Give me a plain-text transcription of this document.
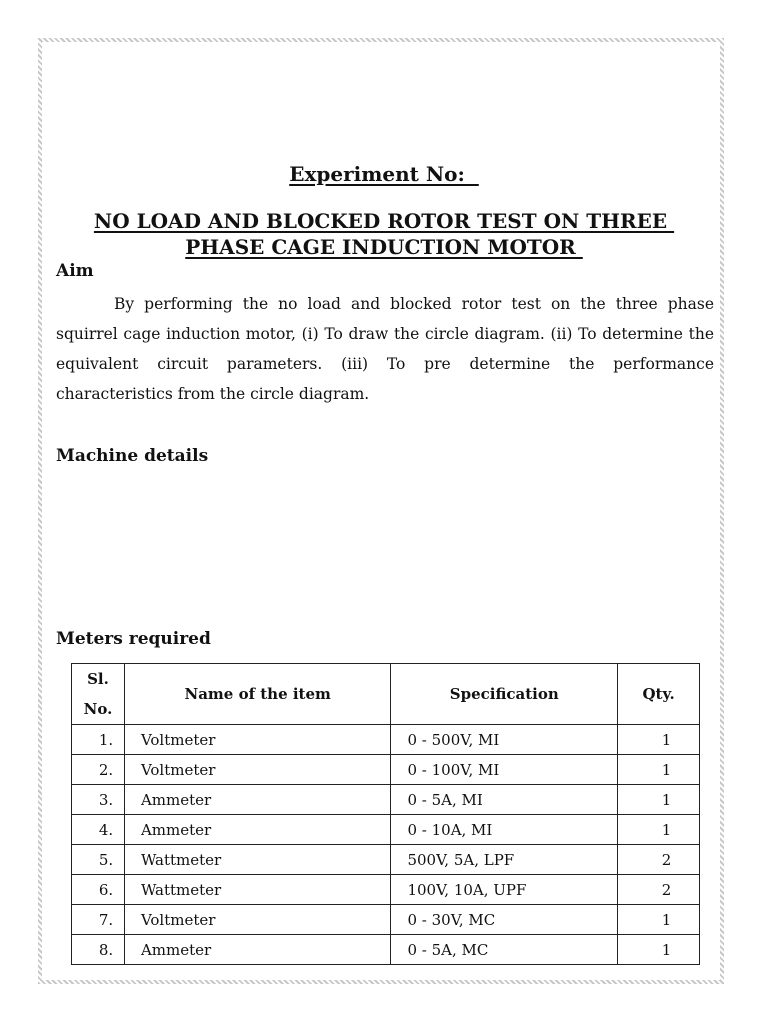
Experiment No:
NO LOAD AND BLOCKED ROTOR TEST ON THREE
PHASE CAGE INDUCTION MOTOR
Aim
By performing the no load and blocked rotor test on the three phase squirrel cage induction motor, (i) To draw the circle diagram. (ii) To determine the equivalent circuit parameters. (iii) To pre determine the performance characteristics from the circle diagram.
Machine details
Meters required
Sl.
No.	Name of the item	Specification	Qty.
1.	Voltmeter	0 - 500V, MI	1
2.	Voltmeter	0 - 100V, MI	1
3.	Ammeter	0 - 5A, MI	1
4.	Ammeter	0 - 10A, MI	1
5.	Wattmeter	500V, 5A, LPF	2
6.	Wattmeter	100V, 10A, UPF	2
7.	Voltmeter	0 - 30V, MC	1
8.	Ammeter	0 - 5A, MC	1
